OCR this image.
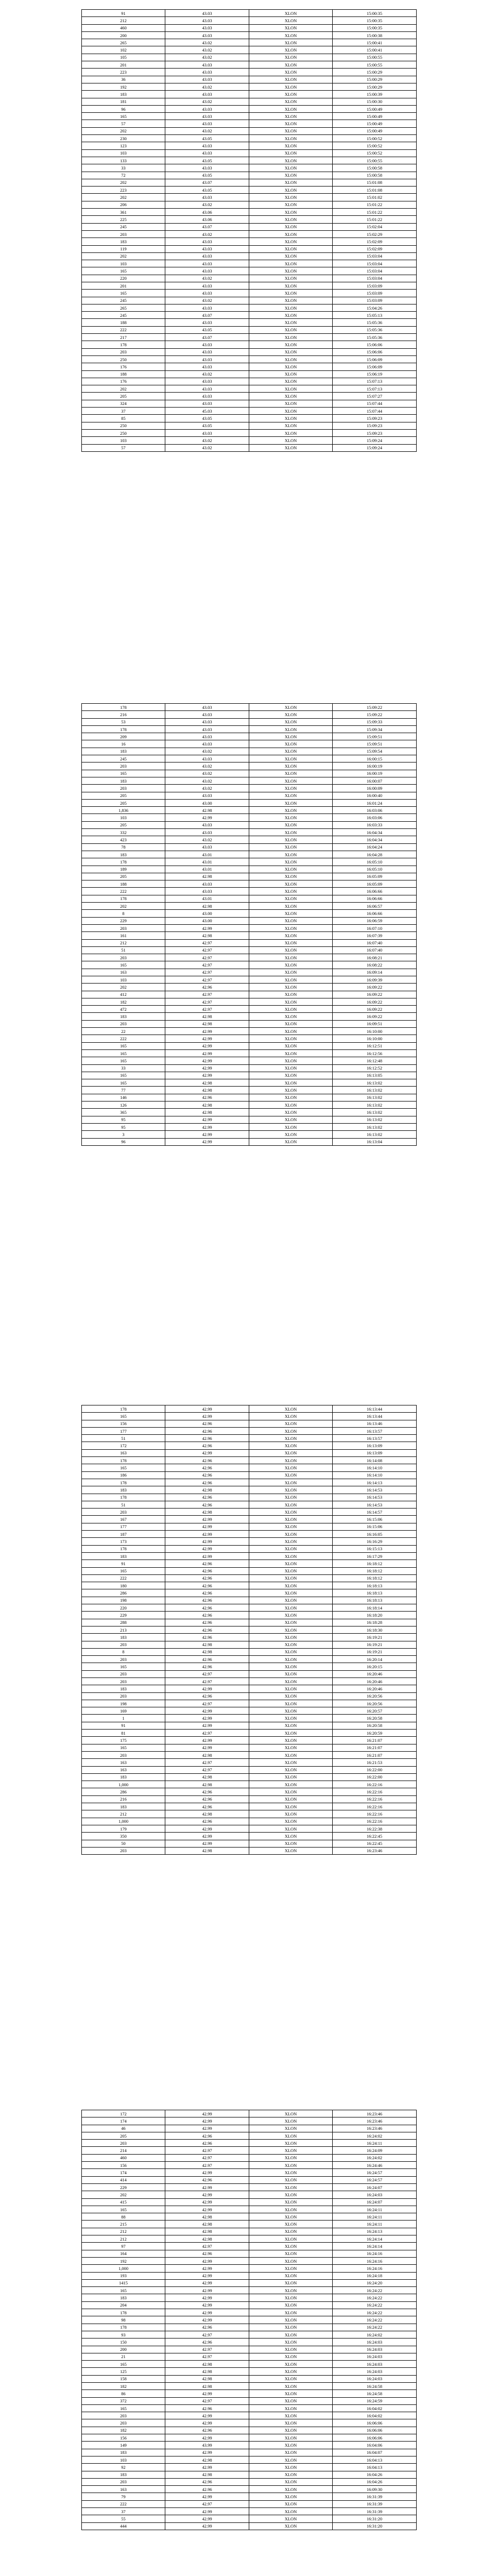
91	43.03	XLON	15:00:35
212	43.03	XLON	15:00:35
460	43.03	XLON	15:00:35
200	43.03	XLON	15:00:38
265	43.02	XLON	15:00:41
102	43.02	XLON	15:00:41
105	43.02	XLON	15:00:55
201	43.03	XLON	15:00:55
223	43.03	XLON	15:00:29
36	43.03	XLON	15:00:29
192	43.02	XLON	15:00:29
183	43.03	XLON	15:00:39
181	43.02	XLON	15:00:30
96	43.03	XLON	15:00:49
165	43.03	XLON	15:00:49
57	43.03	XLON	15:00:49
202	43.02	XLON	15:00:49
230	43.05	XLON	15:00:52
123	43.03	XLON	15:00:52
103	43.03	XLON	15:00:52
133	43.05	XLON	15:00:55
33	43.03	XLON	15:00:58
72	43.05	XLON	15:00:58
202	43.07	XLON	15:01:08
223	43.05	XLON	15:01:08
202	43.03	XLON	15:01:02
206	43.02	XLON	15:01:22
361	43.06	XLON	15:01:22
225	43.06	XLON	15:01:22
245	43.07	XLON	15:02:04
203	43.02	XLON	15:02:29
183	43.03	XLON	15:02:09
119	43.03	XLON	15:02:09
202	43.03	XLON	15:03:04
103	43.03	XLON	15:03:04
165	43.03	XLON	15:03:04
220	43.02	XLON	15:03:04
201	43.03	XLON	15:03:09
165	43.03	XLON	15:03:09
245	43.02	XLON	15:03:09
265	43.03	XLON	15:04:26
245	43.07	XLON	15:05:13
188	43.03	XLON	15:05:36
222	43.05	XLON	15:05:36
217	43.07	XLON	15:05:36
178	43.03	XLON	15:06:06
203	43.03	XLON	15:06:06
250	43.03	XLON	15:06:09
176	43.03	XLON	15:06:09
188	43.02	XLON	15:06:19
176	43.03	XLON	15:07:13
202	43.03	XLON	15:07:13
205	43.03	XLON	15:07:27
324	43.03	XLON	15:07:44
37	45.03	XLON	15:07:44
85	43.05	XLON	15:09:23
250	43.05	XLON	15:09:23
250	43.03	XLON	15:09:23
103	43.02	XLON	15:09:24
57	43.02	XLON	15:09:24
178	43.03	XLON	15:09:22
216	43.03	XLON	15:09:22
53	43.03	XLON	15:09:33
178	43.03	XLON	15:09:34
209	43.03	XLON	15:09:51
16	43.03	XLON	15:09:51
183	43.02	XLON	15:09:54
245	43.03	XLON	16:00:15
203	43.02	XLON	16:00:19
165	43.02	XLON	16:00:19
183	43.02	XLON	16:00:07
203	43.02	XLON	16:00:09
205	43.03	XLON	16:00:40
205	43.00	XLON	16:01:24
1,836	42.98	XLON	16:03:06
103	42.99	XLON	16:03:06
205	43.03	XLON	16:03:33
332	43.03	XLON	16:04:34
423	43.02	XLON	16:04:34
78	43.03	XLON	16:04:24
183	43.01	XLON	16:04:28
178	43.01	XLON	16:05:10
189	43.01	XLON	16:05:10
205	42.98	XLON	16:05:09
188	43.03	XLON	16:05:09
222	43.03	XLON	16:06:66
178	43.01	XLON	16:06:66
202	42.98	XLON	16:06:57
8	43.00	XLON	16:06:66
229	43.00	XLON	16:06:59
203	42.99	XLON	16:07:10
161	42.98	XLON	16:07:39
212	42.97	XLON	16:07:40
51	42.97	XLON	16:07:40
203	42.97	XLON	16:08:21
165	42.97	XLON	16:08:22
163	42.97	XLON	16:09:14
103	42.97	XLON	16:09:39
202	42.96	XLON	16:09:22
412	42.97	XLON	16:09:22
182	42.97	XLON	16:09:22
472	42.97	XLON	16:09:22
183	42.98	XLON	16:09:22
203	42.98	XLON	16:09:51
22	42.99	XLON	16:10:00
222	42.99	XLON	16:10:00
165	42.99	XLON	16:12:51
165	42.99	XLON	16:12:56
165	42.99	XLON	16:12:48
33	42.99	XLON	16:12:52
165	42.99	XLON	16:13:05
165	42.98	XLON	16:13:02
77	42.98	XLON	16:13:02
146	42.96	XLON	16:13:02
126	42.98	XLON	16:13:02
365	42.98	XLON	16:13:02
95	42.99	XLON	16:13:02
95	42.99	XLON	16:13:02
3	42.99	XLON	16:13:02
96	42.99	XLON	16:13:04
178	42.99	XLON	16:13:44
165	42.99	XLON	16:13:44
156	42.96	XLON	16:13:46
177	42.96	XLON	16:13:57
51	42.96	XLON	16:13:57
172	42.96	XLON	16:13:09
163	42.99	XLON	16:13:09
178	42.96	XLON	16:14:08
165	42.96	XLON	16:14:10
186	42.96	XLON	16:14:10
178	42.96	XLON	16:14:13
183	42.98	XLON	16:14:53
178	42.96	XLON	16:14:53
51	42.96	XLON	16:14:53
203	42.98	XLON	16:14:57
167	42.99	XLON	16:15:06
177	42.99	XLON	16:15:06
187	42.99	XLON	16:16:05
173	42.99	XLON	16:16:29
178	42.99	XLON	16:15:13
183	42.99	XLON	16:17:29
91	42.96	XLON	16:18:12
165	42.96	XLON	16:18:12
222	42.96	XLON	16:18:12
180	42.96	XLON	16:18:13
286	42.96	XLON	16:18:13
198	42.96	XLON	16:18:13
220	42.96	XLON	16:18:14
229	42.96	XLON	16:18:20
288	42.96	XLON	16:18:28
213	42.96	XLON	16:18:30
183	42.96	XLON	16:19:21
203	42.98	XLON	16:19:21
8	42.98	XLON	16:19:21
203	42.96	XLON	16:20:14
165	42.96	XLON	16:20:15
203	42.97	XLON	16:20:46
203	42.97	XLON	16:20:46
183	42.99	XLON	16:20:46
203	42.96	XLON	16:20:56
198	42.97	XLON	16:20:56
169	42.99	XLON	16:20:57
1	42.99	XLON	16:20:58
91	42.99	XLON	16:20:58
81	42.97	XLON	16:20:59
175	42.99	XLON	16:21:07
165	42.99	XLON	16:21:07
203	42.98	XLON	16:21:07
163	42.97	XLON	16:21:53
163	42.97	XLON	16:22:00
183	42.98	XLON	16:22:00
1,000	42.98	XLON	16:22:16
286	42.96	XLON	16:22:16
216	42.96	XLON	16:22:16
183	42.96	XLON	16:22:16
212	42.98	XLON	16:22:16
1,000	42.96	XLON	16:22:16
179	42.99	XLON	16:22:38
350	42.99	XLON	16:22:45
50	42.99	XLON	16:22:45
203	42.98	XLON	16:23:46
172	42.99	XLON	16:23:46
174	42.99	XLON	16:23:46
46	42.99	XLON	16:23:46
205	42.96	XLON	16:24:02
203	42.96	XLON	16:24:11
214	42.97	XLON	16:24:09
460	42.97	XLON	16:24:02
156	42.97	XLON	16:24:46
174	42.99	XLON	16:24:57
414	42.96	XLON	16:24:57
229	42.99	XLON	16:24:07
202	42.99	XLON	16:24:03
415	42.99	XLON	16:24:07
165	42.99	XLON	16:24:11
88	42.98	XLON	16:24:11
215	42.98	XLON	16:24:11
212	42.98	XLON	16:24:13
212	42.98	XLON	16:24:14
97	42.97	XLON	16:24:14
164	42.96	XLON	16:24:16
192	42.99	XLON	16:24:16
1,000	42.99	XLON	16:24:16
193	42.99	XLON	16:24:18
1415	42.99	XLON	16:24:20
165	42.99	XLON	16:24:22
183	42.99	XLON	16:24:22
204	42.99	XLON	16:24:22
178	42.99	XLON	16:24:22
98	42.99	XLON	16:24:22
178	42.96	XLON	16:24:22
93	42.97	XLON	16:24:02
150	42.96	XLON	16:24:03
200	42.97	XLON	16:24:03
21	42.97	XLON	16:24:03
165	42.98	XLON	16:24:03
125	42.98	XLON	16:24:03
158	42.98	XLON	16:24:03
182	42.98	XLON	16:24:58
86	42.99	XLON	16:24:58
372	42.97	XLON	16:24:59
165	42.96	XLON	16:04:02
203	42.99	XLON	16:04:02
203	42.99	XLON	16:06:06
182	42.96	XLON	16:06:06
156	42.99	XLON	16:06:06
149	43.99	XLON	16:04:06
183	42.99	XLON	16:04:07
103	42.98	XLON	16:04:13
92	42.99	XLON	16:04:13
183	42.98	XLON	16:04:26
203	42.96	XLON	16:04:26
163	42.96	XLON	16:09:30
79	42.99	XLON	16:31:39
222	42.97	XLON	16:31:39
37	42.99	XLON	16:31:39
55	42.99	XLON	16:31:20
444	42.99	XLON	16:31:20
